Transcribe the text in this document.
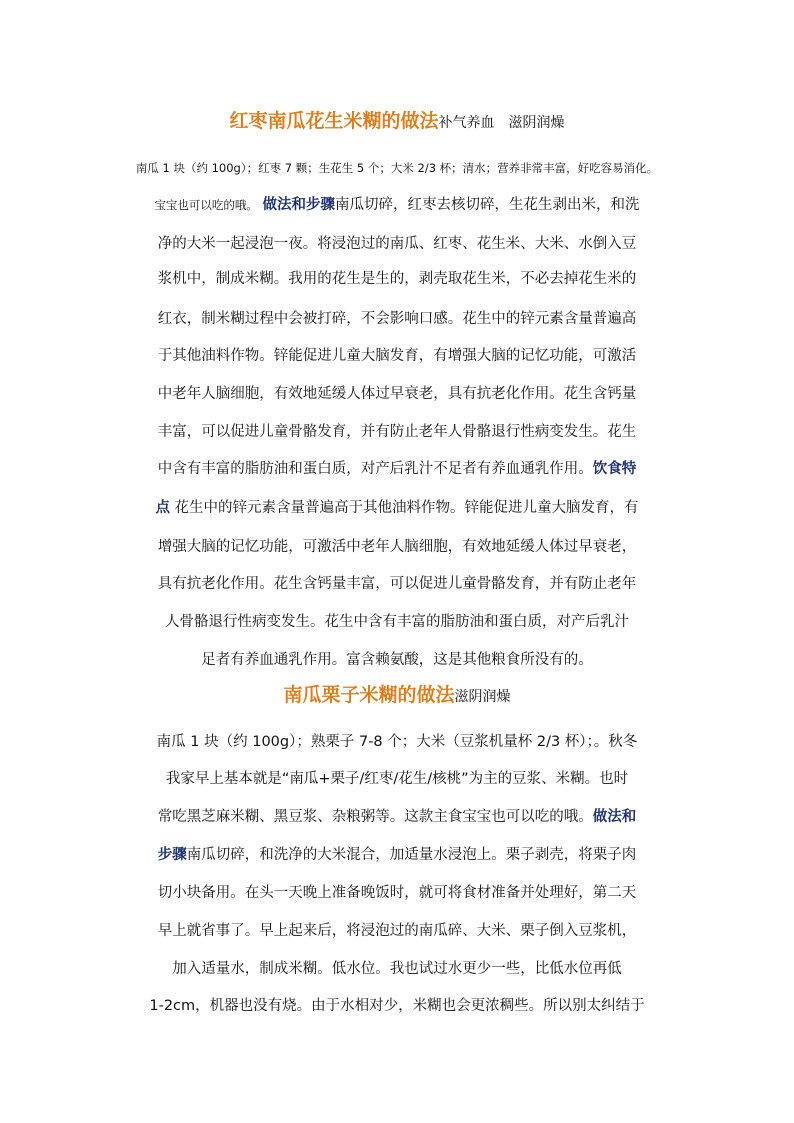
红枣南瓜花生米糊的做法补气养血 滋阴润燥
南瓜 1 块（约 100g）；红枣 7 颗；生花生 5 个；大米 2/3 杯；清水；营养非常丰富，好吃容易消化。
宝宝也可以吃的哦。 做法和步骤南瓜切碎，红枣去核切碎，生花生剥出米，和洗
净的大米一起浸泡一夜。将浸泡过的南瓜、红枣、花生米、大米、水倒入豆
浆机中，制成米糊。我用的花生是生的，剥壳取花生米，不必去掉花生米的
红衣，制米糊过程中会被打碎，不会影响口感。花生中的锌元素含量普遍高
于其他油料作物。锌能促进儿童大脑发育，有增强大脑的记忆功能，可激活
中老年人脑细胞，有效地延缓人体过早衰老，具有抗老化作用。花生含钙量
丰富，可以促进儿童骨骼发育，并有防止老年人骨骼退行性病变发生。花生
中含有丰富的脂肪油和蛋白质，对产后乳汁不足者有养血通乳作用。饮食特
点 花生中的锌元素含量普遍高于其他油料作物。锌能促进儿童大脑发育，有
增强大脑的记忆功能，可激活中老年人脑细胞，有效地延缓人体过早衰老，
具有抗老化作用。花生含钙量丰富，可以促进儿童骨骼发育，并有防止老年
人骨骼退行性病变发生。花生中含有丰富的脂肪油和蛋白质，对产后乳汁
足者有养血通乳作用。富含赖氨酸，这是其他粮食所没有的。
南瓜栗子米糊的做法滋阴润燥
南瓜 1 块（约 100g）；熟栗子 7-8 个；大米（豆浆机量杯 2/3 杯）；。秋冬
我家早上基本就是“南瓜+栗子/红枣/花生/核桃”为主的豆浆、米糊。也时
常吃黑芝麻米糊、黑豆浆、杂粮粥等。这款主食宝宝也可以吃的哦。做法和
步骤南瓜切碎，和洗净的大米混合，加适量水浸泡上。栗子剥壳，将栗子肉
切小块备用。在头一天晚上准备晚饭时，就可将食材准备并处理好，第二天
早上就省事了。早上起来后，将浸泡过的南瓜碎、大米、栗子倒入豆浆机，
加入适量水，制成米糊。低水位。我也试过水更少一些，比低水位再低
1-2cm，机器也没有烧。由于水相对少，米糊也会更浓稠些。所以别太纠结于
